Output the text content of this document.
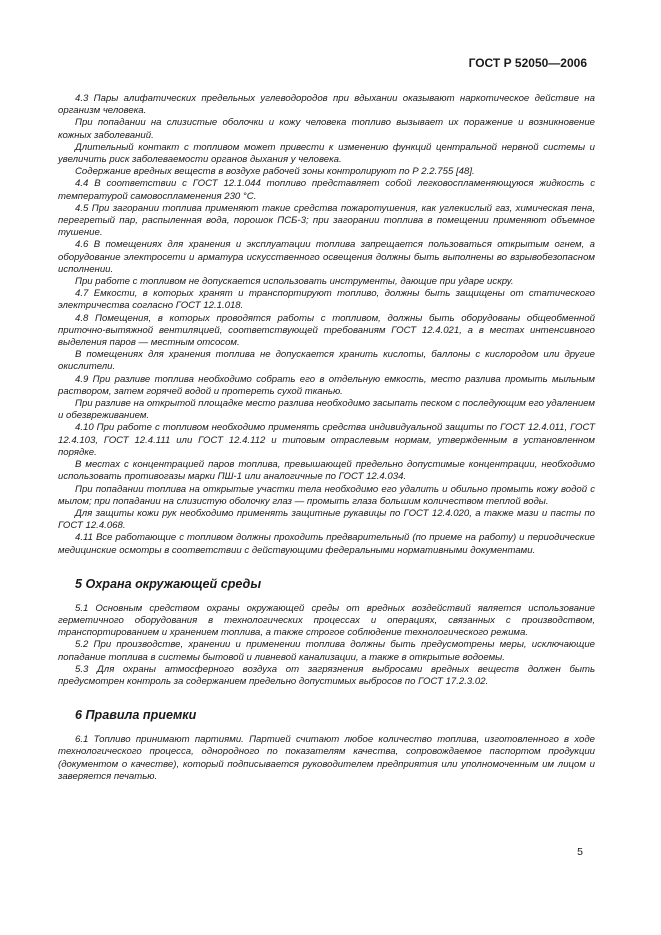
ГОСТ Р 52050—2006

4.3 Пары алифатических предельных углеводородов при вдыхании оказывают наркотическое действие на организм человека.

При попадании на слизистые оболочки и кожу человека топливо вызывает их поражение и возникновение кожных заболеваний.

Длительный контакт с топливом может привести к изменению функций центральной нервной системы и увеличить риск заболеваемости органов дыхания у человека.

Содержание вредных веществ в воздухе рабочей зоны контролируют по Р 2.2.755 [48].

4.4 В соответствии с ГОСТ 12.1.044 топливо представляет собой легковоспламеняющуюся жидкость с температурой самовоспламенения 230 °С.

4.5 При загорании топлива применяют такие средства пожаротушения, как углекислый газ, химическая пена, перегретый пар, распыленная вода, порошок ПСБ-3; при загорании топлива в помещении применяют объемное тушение.

4.6 В помещениях для хранения и эксплуатации топлива запрещается пользоваться открытым огнем, а оборудование электросети и арматура искусственного освещения должны быть выполнены во взрывобезопасном исполнении.

При работе с топливом не допускается использовать инструменты, дающие при ударе искру.

4.7 Емкости, в которых хранят и транспортируют топливо, должны быть защищены от статического электричества согласно ГОСТ 12.1.018.

4.8 Помещения, в которых проводятся работы с топливом, должны быть оборудованы общеобменной приточно-вытяжной вентиляцией, соответствующей требованиям ГОСТ 12.4.021, а в местах интенсивного выделения паров — местным отсосом.

В помещениях для хранения топлива не допускается хранить кислоты, баллоны с кислородом или другие окислители.

4.9 При разливе топлива необходимо собрать его в отдельную емкость, место разлива промыть мыльным раствором, затем горячей водой и протереть сухой тканью.

При разливе на открытой площадке место разлива необходимо засыпать песком с последующим его удалением и обезвреживанием.

4.10 При работе с топливом необходимо применять средства индивидуальной защиты по ГОСТ 12.4.011, ГОСТ 12.4.103, ГОСТ 12.4.111 или ГОСТ 12.4.112 и типовым отраслевым нормам, утвержденным в установленном порядке.

В местах с концентрацией паров топлива, превышающей предельно допустимые концентрации, необходимо использовать противогазы марки ПШ-1 или аналогичные по ГОСТ 12.4.034.

При попадании топлива на открытые участки тела необходимо его удалить и обильно промыть кожу водой с мылом; при попадании на слизистую оболочку глаз — промыть глаза большим количеством теплой воды.

Для защиты кожи рук необходимо применять защитные рукавицы по ГОСТ 12.4.020, а также мази и пасты по ГОСТ 12.4.068.

4.11 Все работающие с топливом должны проходить предварительный (по приеме на работу) и периодические медицинские осмотры в соответствии с действующими федеральными нормативными документами.

5 Охрана окружающей среды

5.1 Основным средством охраны окружающей среды от вредных воздействий является использование герметичного оборудования в технологических процессах и операциях, связанных с производством, транспортированием и хранением топлива, а также строгое соблюдение технологического режима.

5.2 При производстве, хранении и применении топлива должны быть предусмотрены меры, исключающие попадание топлива в системы бытовой и ливневой канализации, а также в открытые водоемы.

5.3 Для охраны атмосферного воздуха от загрязнения выбросами вредных веществ должен быть предусмотрен контроль за содержанием предельно допустимых выбросов по ГОСТ 17.2.3.02.

6 Правила приемки

6.1 Топливо принимают партиями. Партией считают любое количество топлива, изготовленного в ходе технологического процесса, однородного по показателям качества, сопровождаемое паспортом продукции (документом о качестве), который подписывается руководителем предприятия или уполномоченным им лицом и заверяется печатью.

5
